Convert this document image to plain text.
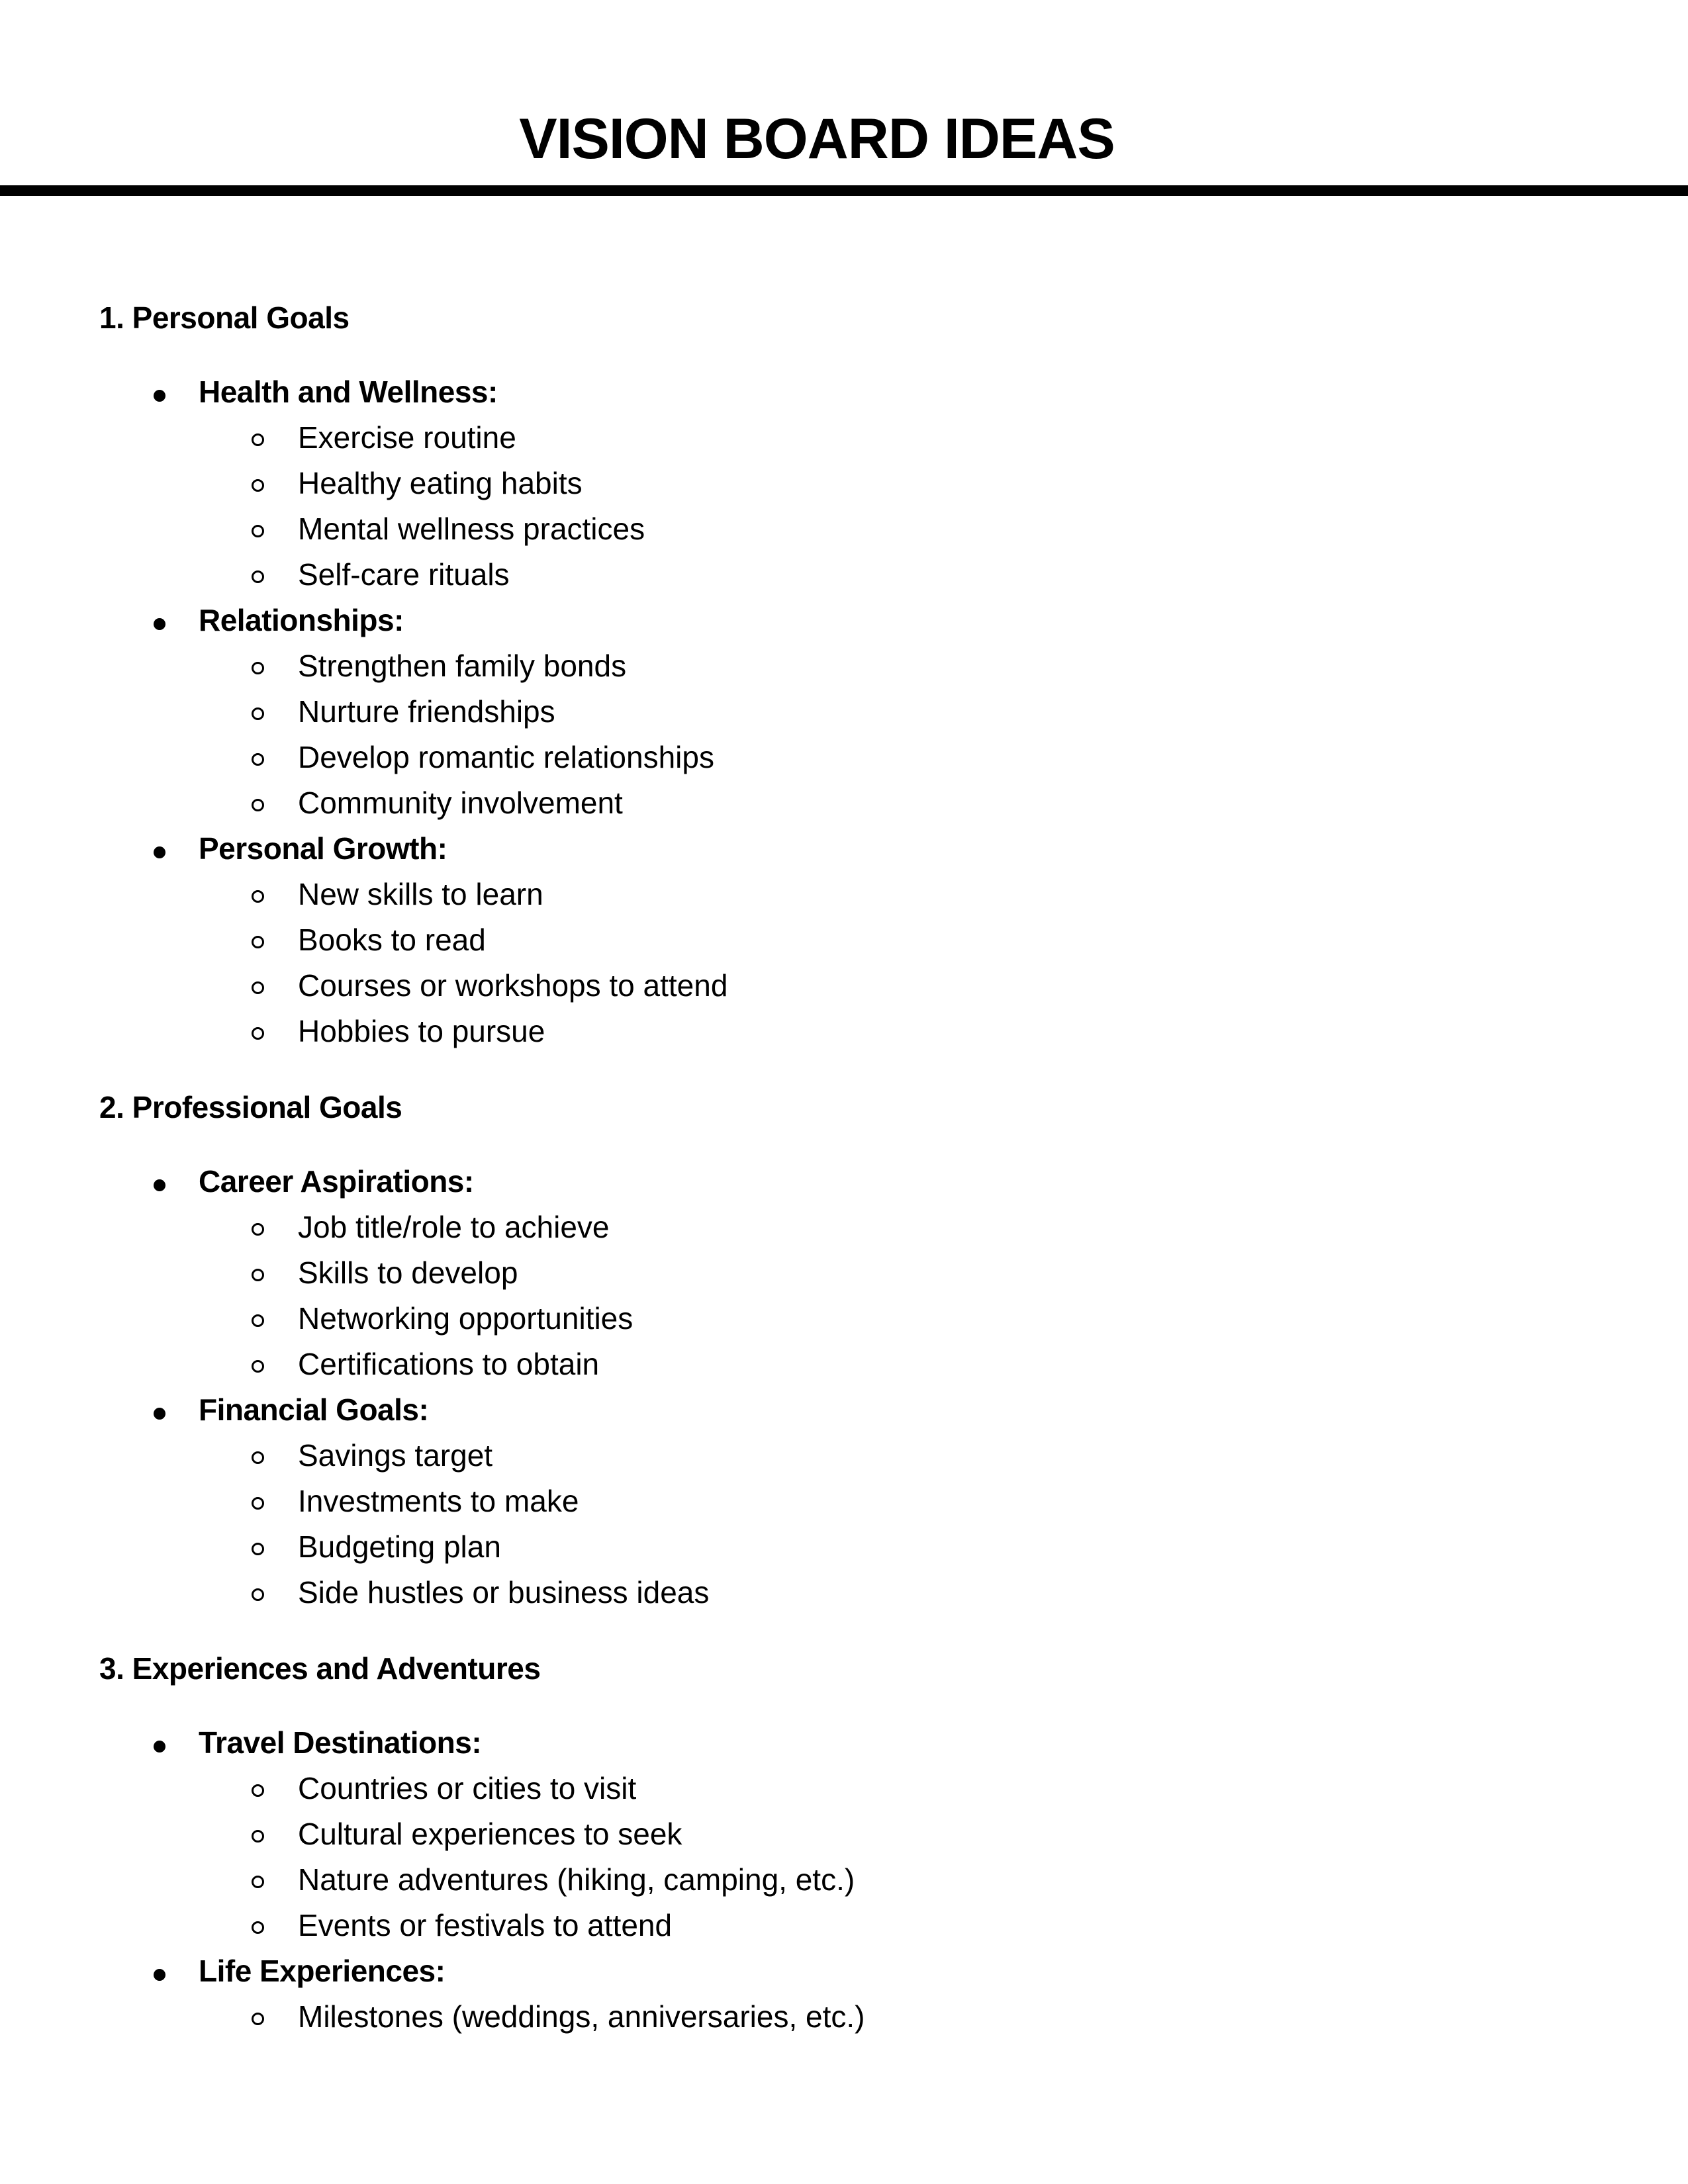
VISION BOARD IDEAS
1. Personal Goals
Health and Wellness:
Exercise routine
Healthy eating habits
Mental wellness practices
Self-care rituals
Relationships:
Strengthen family bonds
Nurture friendships
Develop romantic relationships
Community involvement
Personal Growth:
New skills to learn
Books to read
Courses or workshops to attend
Hobbies to pursue
2. Professional Goals
Career Aspirations:
Job title/role to achieve
Skills to develop
Networking opportunities
Certifications to obtain
Financial Goals:
Savings target
Investments to make
Budgeting plan
Side hustles or business ideas
3. Experiences and Adventures
Travel Destinations:
Countries or cities to visit
Cultural experiences to seek
Nature adventures (hiking, camping, etc.)
Events or festivals to attend
Life Experiences:
Milestones (weddings, anniversaries, etc.)
